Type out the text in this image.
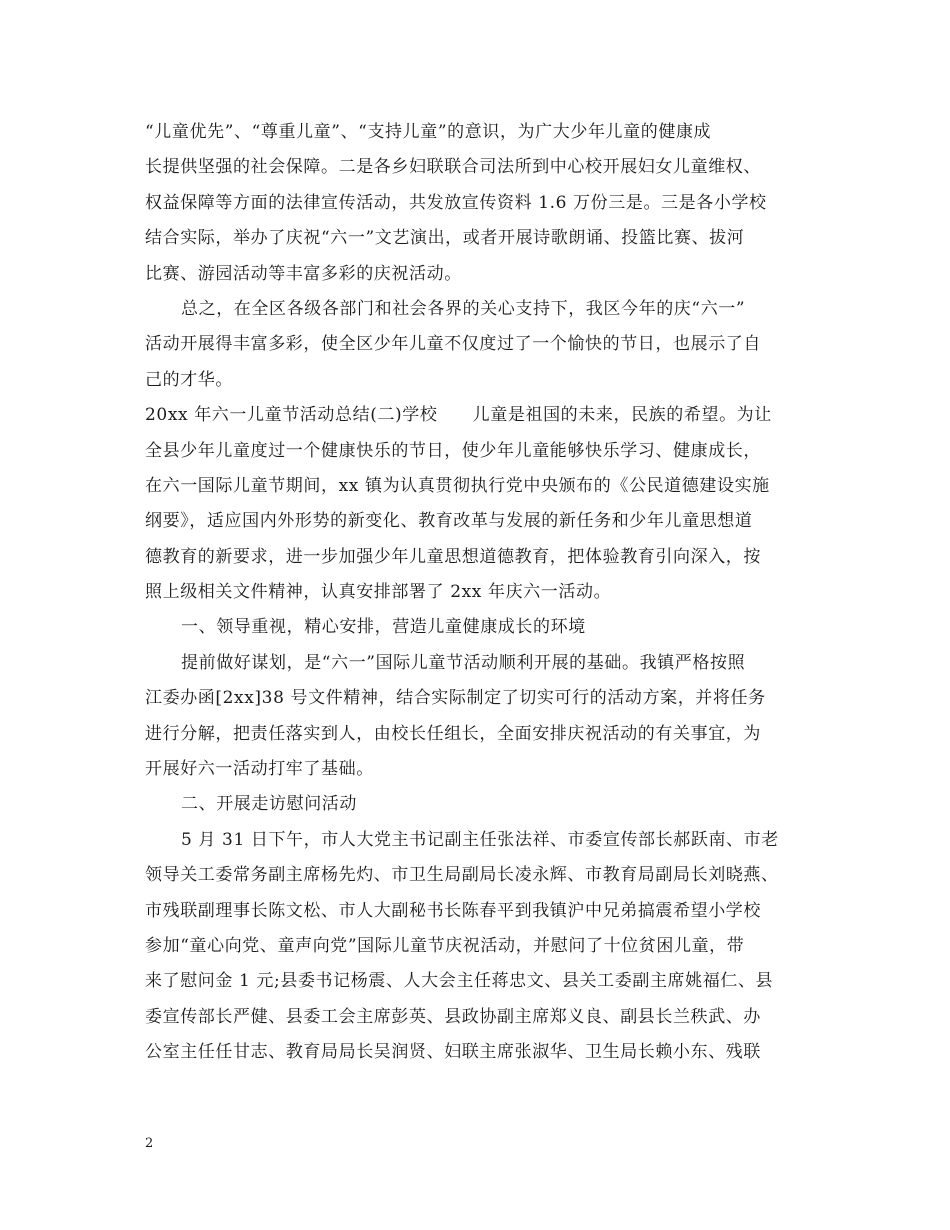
“儿童优先”、“尊重儿童”、“支持儿童”的意识，为广大少年儿童的健康成
长提供坚强的社会保障。二是各乡妇联联合司法所到中心校开展妇女儿童维权、
权益保障等方面的法律宣传活动，共发放宣传资料 1.6 万份三是。三是各小学校
结合实际，举办了庆祝“六一”文艺演出，或者开展诗歌朗诵、投篮比赛、拔河
比赛、游园活动等丰富多彩的庆祝活动。
总之，在全区各级各部门和社会各界的关心支持下，我区今年的庆“六一”
活动开展得丰富多彩，使全区少年儿童不仅度过了一个愉快的节日，也展示了自
己的才华。
20xx 年六一儿童节活动总结(二)学校　　儿童是祖国的未来，民族的希望。为让
全县少年儿童度过一个健康快乐的节日，使少年儿童能够快乐学习、健康成长，
在六一国际儿童节期间，xx 镇为认真贯彻执行党中央颁布的《公民道德建设实施
纲要》，适应国内外形势的新变化、教育改革与发展的新任务和少年儿童思想道
德教育的新要求，进一步加强少年儿童思想道德教育，把体验教育引向深入，按
照上级相关文件精神，认真安排部署了 2xx 年庆六一活动。
一、领导重视，精心安排，营造儿童健康成长的环境
提前做好谋划，是“六一”国际儿童节活动顺利开展的基础。我镇严格按照
江委办函[2xx]38 号文件精神，结合实际制定了切实可行的活动方案，并将任务
进行分解，把责任落实到人，由校长任组长，全面安排庆祝活动的有关事宜，为
开展好六一活动打牢了基础。
二、开展走访慰问活动
5 月 31 日下午，市人大党主书记副主任张法祥、市委宣传部长郝跃南、市老
领导关工委常务副主席杨先灼、市卫生局副局长凌永辉、市教育局副局长刘晓燕、
市残联副理事长陈文松、市人大副秘书长陈春平到我镇沪中兄弟搞震希望小学校
参加“童心向党、童声向党”国际儿童节庆祝活动，并慰问了十位贫困儿童，带
来了慰问金 1 元;县委书记杨震、人大会主任蒋忠文、县关工委副主席姚福仁、县
委宣传部长严健、县委工会主席彭英、县政协副主席郑义良、副县长兰秩武、办
公室主任任甘志、教育局局长吴润贤、妇联主席张淑华、卫生局长赖小东、残联
2
